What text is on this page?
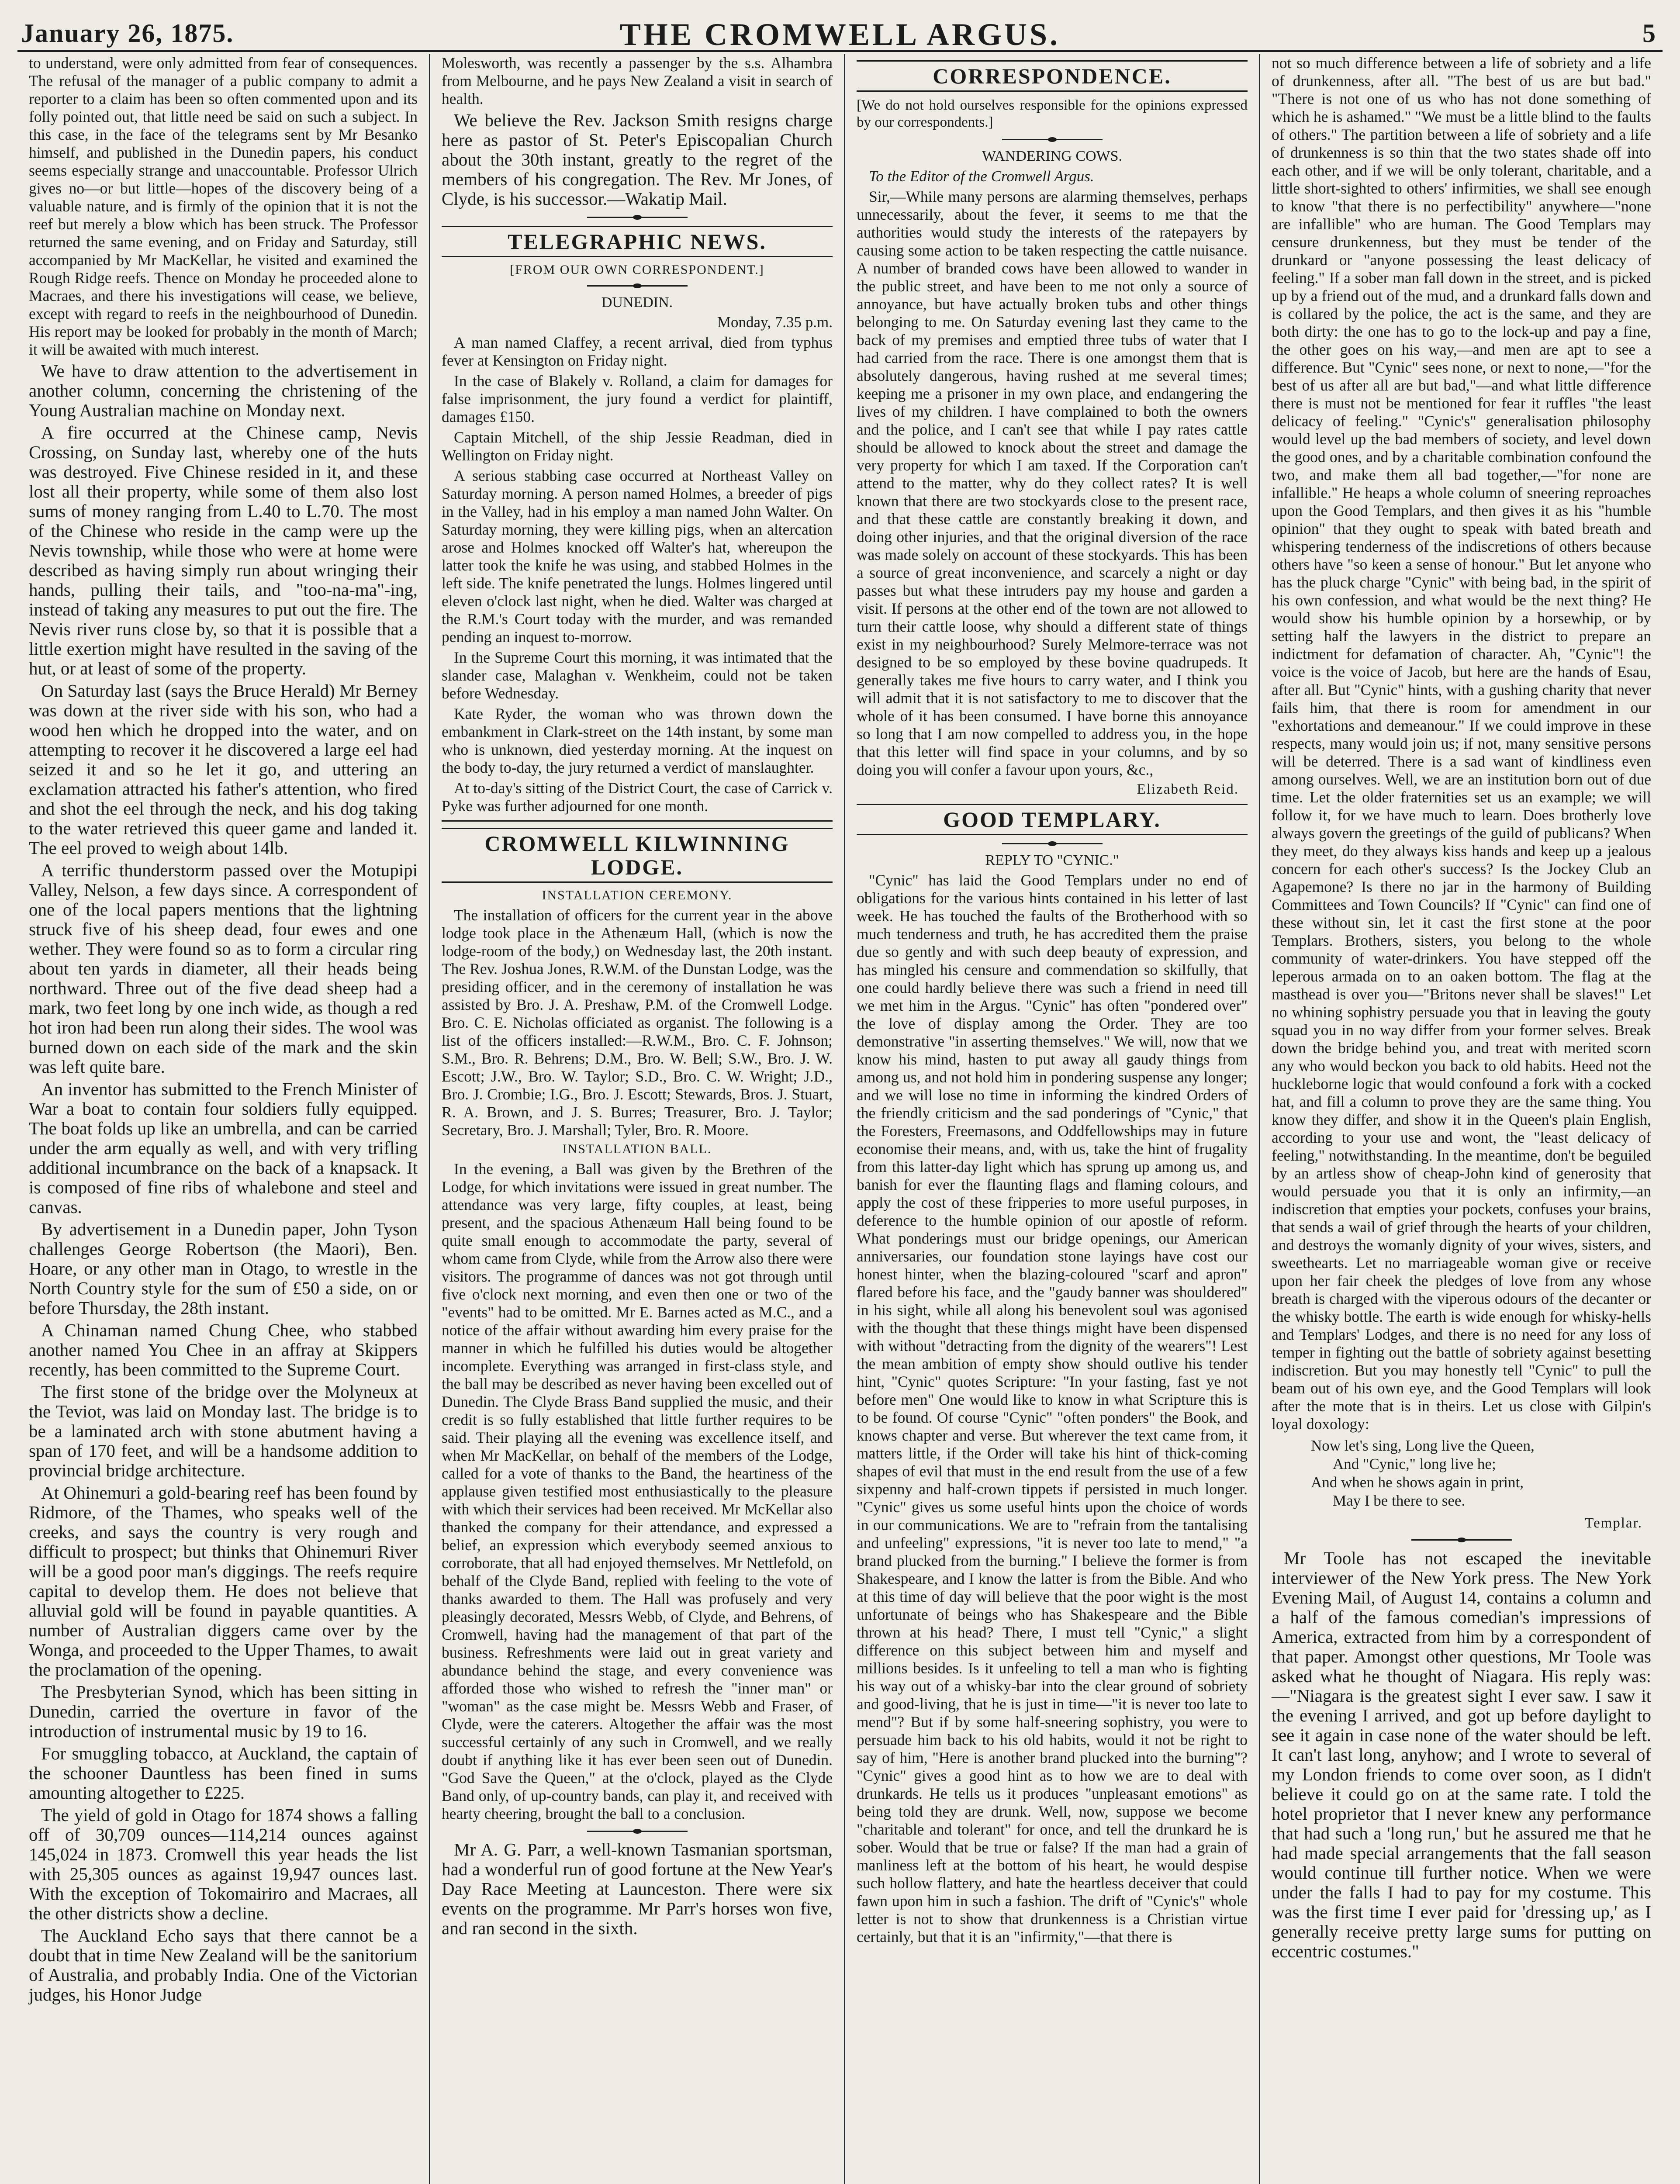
January 26, 1875.	THE CROMWELL ARGUS.	5

to understand, were only admitted from fear of consequences. The refusal of the manager of a public company to admit a reporter to a claim has been so often commented upon and its folly pointed out, that little need be said on such a subject. In this case, in the face of the telegrams sent by Mr Besanko himself, and published in the Dunedin papers, his conduct seems especially strange and unaccountable. Professor Ulrich gives no—or but little—hopes of the discovery being of a valuable nature, and is firmly of the opinion that it is not the reef but merely a blow which has been struck. The Professor returned the same evening, and on Friday and Saturday, still accompanied by Mr MacKellar, he visited and examined the Rough Ridge reefs. Thence on Monday he proceeded alone to Macraes, and there his investigations will cease, we believe, except with regard to reefs in the neighbourhood of Dunedin. His report may be looked for probably in the month of March; it will be awaited with much interest.

We have to draw attention to the advertisement in another column, concerning the christening of the Young Australian machine on Monday next.

A fire occurred at the Chinese camp, Nevis Crossing, on Sunday last, whereby one of the huts was destroyed. Five Chinese resided in it, and these lost all their property, while some of them also lost sums of money ranging from L.40 to L.70. The most of the Chinese who reside in the camp were up the Nevis township, while those who were at home were described as having simply run about wringing their hands, pulling their tails, and "too-na-ma"-ing, instead of taking any measures to put out the fire. The Nevis river runs close by, so that it is possible that a little exertion might have resulted in the saving of the hut, or at least of some of the property.

On Saturday last (says the Bruce Herald) Mr Berney was down at the river side with his son, who had a wood hen which he dropped into the water, and on attempting to recover it he discovered a large eel had seized it and so he let it go, and uttering an exclamation attracted his father's attention, who fired and shot the eel through the neck, and his dog taking to the water retrieved this queer game and landed it. The eel proved to weigh about 14lb.

A terrific thunderstorm passed over the Motupipi Valley, Nelson, a few days since. A correspondent of one of the local papers mentions that the lightning struck five of his sheep dead, four ewes and one wether. They were found so as to form a circular ring about ten yards in diameter, all their heads being northward. Three out of the five dead sheep had a mark, two feet long by one inch wide, as though a red hot iron had been run along their sides. The wool was burned down on each side of the mark and the skin was left quite bare.

An inventor has submitted to the French Minister of War a boat to contain four soldiers fully equipped. The boat folds up like an umbrella, and can be carried under the arm equally as well, and with very trifling additional incumbrance on the back of a knapsack. It is composed of fine ribs of whalebone and steel and canvas.

By advertisement in a Dunedin paper, John Tyson challenges George Robertson (the Maori), Ben. Hoare, or any other man in Otago, to wrestle in the North Country style for the sum of £50 a side, on or before Thursday, the 28th instant.

A Chinaman named Chung Chee, who stabbed another named You Chee in an affray at Skippers recently, has been committed to the Supreme Court.

The first stone of the bridge over the Molyneux at the Teviot, was laid on Monday last. The bridge is to be a laminated arch with stone abutment having a span of 170 feet, and will be a handsome addition to provincial bridge architecture.

At Ohinemuri a gold-bearing reef has been found by Ridmore, of the Thames, who speaks well of the creeks, and says the country is very rough and difficult to prospect; but thinks that Ohinemuri River will be a good poor man's diggings. The reefs require capital to develop them. He does not believe that alluvial gold will be found in payable quantities. A number of Australian diggers came over by the Wonga, and proceeded to the Upper Thames, to await the proclamation of the opening.

The Presbyterian Synod, which has been sitting in Dunedin, carried the overture in favor of the introduction of instrumental music by 19 to 16.

For smuggling tobacco, at Auckland, the captain of the schooner Dauntless has been fined in sums amounting altogether to £225.

The yield of gold in Otago for 1874 shows a falling off of 30,709 ounces—114,214 ounces against 145,024 in 1873. Cromwell this year heads the list with 25,305 ounces as against 19,947 ounces last. With the exception of Tokomairiro and Macraes, all the other districts show a decline.

The Auckland Echo says that there cannot be a doubt that in time New Zealand will be the sanitorium of Australia, and probably India. One of the Victorian judges, his Honor Judge

Molesworth, was recently a passenger by the s.s. Alhambra from Melbourne, and he pays New Zealand a visit in search of health.

We believe the Rev. Jackson Smith resigns charge here as pastor of St. Peter's Episcopalian Church about the 30th instant, greatly to the regret of the members of his congregation. The Rev. Mr Jones, of Clyde, is his successor.—Wakatip Mail.

TELEGRAPHIC NEWS.
[FROM OUR OWN CORRESPONDENT.]
DUNEDIN.
Monday, 7.35 p.m.

A man named Claffey, a recent arrival, died from typhus fever at Kensington on Friday night.

In the case of Blakely v. Rolland, a claim for damages for false imprisonment, the jury found a verdict for plaintiff, damages £150.

Captain Mitchell, of the ship Jessie Readman, died in Wellington on Friday night.

A serious stabbing case occurred at Northeast Valley on Saturday morning. A person named Holmes, a breeder of pigs in the Valley, had in his employ a man named John Walter. On Saturday morning, they were killing pigs, when an altercation arose and Holmes knocked off Walter's hat, whereupon the latter took the knife he was using, and stabbed Holmes in the left side. The knife penetrated the lungs. Holmes lingered until eleven o'clock last night, when he died. Walter was charged at the R.M.'s Court today with the murder, and was remanded pending an inquest to-morrow.

In the Supreme Court this morning, it was intimated that the slander case, Malaghan v. Wenkheim, could not be taken before Wednesday.

Kate Ryder, the woman who was thrown down the embankment in Clark-street on the 14th instant, by some man who is unknown, died yesterday morning. At the inquest on the body to-day, the jury returned a verdict of manslaughter.

At to-day's sitting of the District Court, the case of Carrick v. Pyke was further adjourned for one month.

CROMWELL KILWINNING LODGE.
INSTALLATION CEREMONY.

The installation of officers for the current year in the above lodge took place in the Athenæum Hall, (which is now the lodge-room of the body,) on Wednesday last, the 20th instant. The Rev. Joshua Jones, R.W.M. of the Dunstan Lodge, was the presiding officer, and in the ceremony of installation he was assisted by Bro. J. A. Preshaw, P.M. of the Cromwell Lodge. Bro. C. E. Nicholas officiated as organist. The following is a list of the officers installed:—R.W.M., Bro. C. F. Johnson; S.M., Bro. R. Behrens; D.M., Bro. W. Bell; S.W., Bro. J. W. Escott; J.W., Bro. W. Taylor; S.D., Bro. C. W. Wright; J.D., Bro. J. Crombie; I.G., Bro. J. Escott; Stewards, Bros. J. Stuart, R. A. Brown, and J. S. Burres; Treasurer, Bro. J. Taylor; Secretary, Bro. J. Marshall; Tyler, Bro. R. Moore.

INSTALLATION BALL.

In the evening, a Ball was given by the Brethren of the Lodge, for which invitations were issued in great number. The attendance was very large, fifty couples, at least, being present, and the spacious Athenæum Hall being found to be quite small enough to accommodate the party, several of whom came from Clyde, while from the Arrow also there were visitors. The programme of dances was not got through until five o'clock next morning, and even then one or two of the "events" had to be omitted. Mr E. Barnes acted as M.C., and a notice of the affair without awarding him every praise for the manner in which he fulfilled his duties would be altogether incomplete. Everything was arranged in first-class style, and the ball may be described as never having been excelled out of Dunedin. The Clyde Brass Band supplied the music, and their credit is so fully established that little further requires to be said. Their playing all the evening was excellence itself, and when Mr MacKellar, on behalf of the members of the Lodge, called for a vote of thanks to the Band, the heartiness of the applause given testified most enthusiastically to the pleasure with which their services had been received. Mr McKellar also thanked the company for their attendance, and expressed a belief, an expression which everybody seemed anxious to corroborate, that all had enjoyed themselves. Mr Nettlefold, on behalf of the Clyde Band, replied with feeling to the vote of thanks awarded to them. The Hall was profusely and very pleasingly decorated, Messrs Webb, of Clyde, and Behrens, of Cromwell, having had the management of that part of the business. Refreshments were laid out in great variety and abundance behind the stage, and every convenience was afforded those who wished to refresh the "inner man" or "woman" as the case might be. Messrs Webb and Fraser, of Clyde, were the caterers. Altogether the affair was the most successful certainly of any such in Cromwell, and we really doubt if anything like it has ever been seen out of Dunedin. "God Save the Queen," at the o'clock, played as the Clyde Band only, of up-country bands, can play it, and received with hearty cheering, brought the ball to a conclusion.

Mr A. G. Parr, a well-known Tasmanian sportsman, had a wonderful run of good fortune at the New Year's Day Race Meeting at Launceston. There were six events on the programme. Mr Parr's horses won five, and ran second in the sixth.

CORRESPONDENCE.
[We do not hold ourselves responsible for the opinions expressed by our correspondents.]
WANDERING COWS.

To the Editor of the Cromwell Argus.

Sir,—While many persons are alarming themselves, perhaps unnecessarily, about the fever, it seems to me that the authorities would study the interests of the ratepayers by causing some action to be taken respecting the cattle nuisance. A number of branded cows have been allowed to wander in the public street, and have been to me not only a source of annoyance, but have actually broken tubs and other things belonging to me. On Saturday evening last they came to the back of my premises and emptied three tubs of water that I had carried from the race. There is one amongst them that is absolutely dangerous, having rushed at me several times; keeping me a prisoner in my own place, and endangering the lives of my children. I have complained to both the owners and the police, and I can't see that while I pay rates cattle should be allowed to knock about the street and damage the very property for which I am taxed. If the Corporation can't attend to the matter, why do they collect rates? It is well known that there are two stockyards close to the present race, and that these cattle are constantly breaking it down, and doing other injuries, and that the original diversion of the race was made solely on account of these stockyards. This has been a source of great inconvenience, and scarcely a night or day passes but what these intruders pay my house and garden a visit. If persons at the other end of the town are not allowed to turn their cattle loose, why should a different state of things exist in my neighbourhood? Surely Melmore-terrace was not designed to be so employed by these bovine quadrupeds. It generally takes me five hours to carry water, and I think you will admit that it is not satisfactory to me to discover that the whole of it has been consumed. I have borne this annoyance so long that I am now compelled to address you, in the hope that this letter will find space in your columns, and by so doing you will confer a favour upon yours, &c.,

Elizabeth Reid.
GOOD TEMPLARY.
REPLY TO "CYNIC."

"Cynic" has laid the Good Templars under no end of obligations for the various hints contained in his letter of last week. He has touched the faults of the Brotherhood with so much tenderness and truth, he has accredited them the praise due so gently and with such deep beauty of expression, and has mingled his censure and commendation so skilfully, that one could hardly believe there was such a friend in need till we met him in the Argus. "Cynic" has often "pondered over" the love of display among the Order. They are too demonstrative "in asserting themselves." We will, now that we know his mind, hasten to put away all gaudy things from among us, and not hold him in pondering suspense any longer; and we will lose no time in informing the kindred Orders of the friendly criticism and the sad ponderings of "Cynic," that the Foresters, Freemasons, and Oddfellowships may in future economise their means, and, with us, take the hint of frugality from this latter-day light which has sprung up among us, and banish for ever the flaunting flags and flaming colours, and apply the cost of these fripperies to more useful purposes, in deference to the humble opinion of our apostle of reform. What ponderings must our bridge openings, our American anniversaries, our foundation stone layings have cost our honest hinter, when the blazing-coloured "scarf and apron" flared before his face, and the "gaudy banner was shouldered" in his sight, while all along his benevolent soul was agonised with the thought that these things might have been dispensed with without "detracting from the dignity of the wearers"! Lest the mean ambition of empty show should outlive his tender hint, "Cynic" quotes Scripture: "In your fasting, fast ye not before men" One would like to know in what Scripture this is to be found. Of course "Cynic" "often ponders" the Book, and knows chapter and verse. But wherever the text came from, it matters little, if the Order will take his hint of thick-coming shapes of evil that must in the end result from the use of a few sixpenny and half-crown tippets if persisted in much longer. "Cynic" gives us some useful hints upon the choice of words in our communications. We are to "refrain from the tantalising and unfeeling" expressions, "it is never too late to mend," "a brand plucked from the burning." I believe the former is from Shakespeare, and I know the latter is from the Bible. And who at this time of day will believe that the poor wight is the most unfortunate of beings who has Shakespeare and the Bible thrown at his head? There, I must tell "Cynic," a slight difference on this subject between him and myself and millions besides. Is it unfeeling to tell a man who is fighting his way out of a whisky-bar into the clear ground of sobriety and good-living, that he is just in time—"it is never too late to mend"? But if by some half-sneering sophistry, you were to persuade him back to his old habits, would it not be right to say of him, "Here is another brand plucked into the burning"? "Cynic" gives a good hint as to how we are to deal with drunkards. He tells us it produces "unpleasant emotions" as being told they are drunk. Well, now, suppose we become "charitable and tolerant" for once, and tell the drunkard he is sober. Would that be true or false? If the man had a grain of manliness left at the bottom of his heart, he would despise such hollow flattery, and hate the heartless deceiver that could fawn upon him in such a fashion. The drift of "Cynic's" whole letter is not to show that drunkenness is a Christian virtue certainly, but that it is an "infirmity,"—that there is

not so much difference between a life of sobriety and a life of drunkenness, after all. "The best of us are but bad." "There is not one of us who has not done something of which he is ashamed." "We must be a little blind to the faults of others." The partition between a life of sobriety and a life of drunkenness is so thin that the two states shade off into each other, and if we will be only tolerant, charitable, and a little short-sighted to others' infirmities, we shall see enough to know "that there is no perfectibility" anywhere—"none are infallible" who are human. The Good Templars may censure drunkenness, but they must be tender of the drunkard or "anyone possessing the least delicacy of feeling." If a sober man fall down in the street, and is picked up by a friend out of the mud, and a drunkard falls down and is collared by the police, the act is the same, and they are both dirty: the one has to go to the lock-up and pay a fine, the other goes on his way,—and men are apt to see a difference. But "Cynic" sees none, or next to none,—"for the best of us after all are but bad,"—and what little difference there is must not be mentioned for fear it ruffles "the least delicacy of feeling." "Cynic's" generalisation philosophy would level up the bad members of society, and level down the good ones, and by a charitable combination confound the two, and make them all bad together,—"for none are infallible." He heaps a whole column of sneering reproaches upon the Good Templars, and then gives it as his "humble opinion" that they ought to speak with bated breath and whispering tenderness of the indiscretions of others because others have "so keen a sense of honour." But let anyone who has the pluck charge "Cynic" with being bad, in the spirit of his own confession, and what would be the next thing? He would show his humble opinion by a horsewhip, or by setting half the lawyers in the district to prepare an indictment for defamation of character. Ah, "Cynic"! the voice is the voice of Jacob, but here are the hands of Esau, after all. But "Cynic" hints, with a gushing charity that never fails him, that there is room for amendment in our "exhortations and demeanour." If we could improve in these respects, many would join us; if not, many sensitive persons will be deterred. There is a sad want of kindliness even among ourselves. Well, we are an institution born out of due time. Let the older fraternities set us an example; we will follow it, for we have much to learn. Does brotherly love always govern the greetings of the guild of publicans? When they meet, do they always kiss hands and keep up a jealous concern for each other's success? Is the Jockey Club an Agapemone? Is there no jar in the harmony of Building Committees and Town Councils? If "Cynic" can find one of these without sin, let it cast the first stone at the poor Templars. Brothers, sisters, you belong to the whole community of water-drinkers. You have stepped off the leperous armada on to an oaken bottom. The flag at the masthead is over you—"Britons never shall be slaves!" Let no whining sophistry persuade you that in leaving the gouty squad you in no way differ from your former selves. Break down the bridge behind you, and treat with merited scorn any who would beckon you back to old habits. Heed not the huckleborne logic that would confound a fork with a cocked hat, and fill a column to prove they are the same thing. You know they differ, and show it in the Queen's plain English, according to your use and wont, the "least delicacy of feeling," notwithstanding. In the meantime, don't be beguiled by an artless show of cheap-John kind of generosity that would persuade you that it is only an infirmity,—an indiscretion that empties your pockets, confuses your brains, that sends a wail of grief through the hearts of your children, and destroys the womanly dignity of your wives, sisters, and sweethearts. Let no marriageable woman give or receive upon her fair cheek the pledges of love from any whose breath is charged with the viperous odours of the decanter or the whisky bottle. The earth is wide enough for whisky-hells and Templars' Lodges, and there is no need for any loss of temper in fighting out the battle of sobriety against besetting indiscretion. But you may honestly tell "Cynic" to pull the beam out of his own eye, and the Good Templars will look after the mote that is in theirs. Let us close with Gilpin's loyal doxology:

Now let's sing, Long live the Queen,
And "Cynic," long live he;
And when he shows again in print,
May I be there to see.
Templar.

Mr Toole has not escaped the inevitable interviewer of the New York press. The New York Evening Mail, of August 14, contains a column and a half of the famous comedian's impressions of America, extracted from him by a correspondent of that paper. Amongst other questions, Mr Toole was asked what he thought of Niagara. His reply was:—"Niagara is the greatest sight I ever saw. I saw it the evening I arrived, and got up before daylight to see it again in case none of the water should be left. It can't last long, anyhow; and I wrote to several of my London friends to come over soon, as I didn't believe it could go on at the same rate. I told the hotel proprietor that I never knew any performance that had such a 'long run,' but he assured me that he had made special arrangements that the fall season would continue till further notice. When we were under the falls I had to pay for my costume. This was the first time I ever paid for 'dressing up,' as I generally receive pretty large sums for putting on eccentric costumes."
